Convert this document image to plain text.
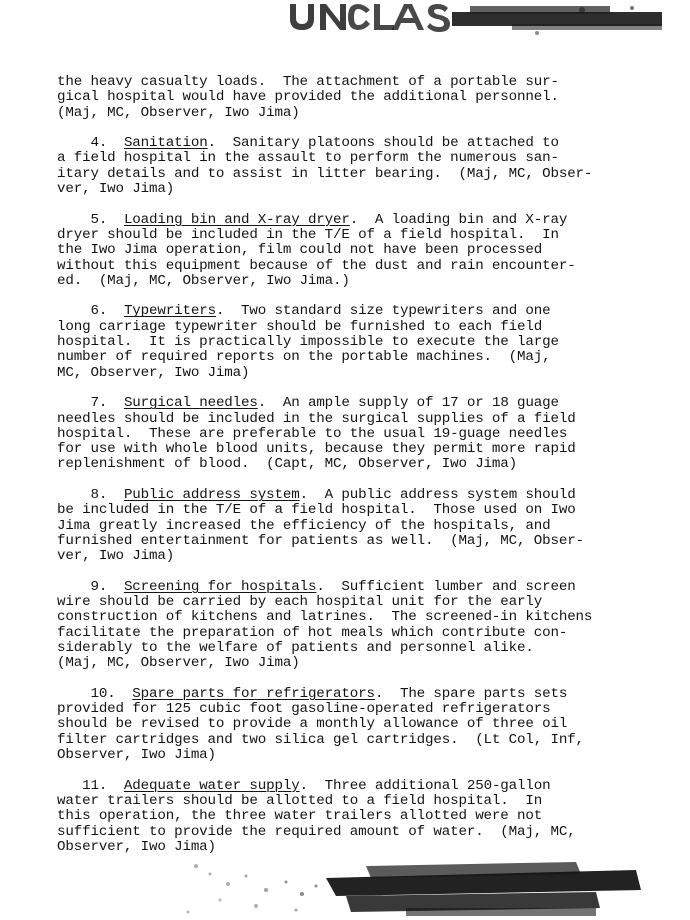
the heavy casualty loads.  The attachment of a portable sur-
gical hospital would have provided the additional personnel.
(Maj, MC, Observer, Iwo Jima)

4. Sanitation.  Sanitary platoons should be attached to
a field hospital in the assault to perform the numerous san-
itary details and to assist in litter bearing.  (Maj, MC, Obser-
ver, Iwo Jima)

5. Loading bin and X-ray dryer.  A loading bin and X-ray
dryer should be included in the T/E of a field hospital.  In
the Iwo Jima operation, film could not have been processed
without this equipment because of the dust and rain encounter-
ed.  (Maj, MC, Observer, Iwo Jima.)

6. Typewriters.  Two standard size typewriters and one
long carriage typewriter should be furnished to each field
hospital.  It is practically impossible to execute the large
number of required reports on the portable machines.  (Maj,
MC, Observer, Iwo Jima)

7. Surgical needles.  An ample supply of 17 or 18 guage
needles should be included in the surgical supplies of a field
hospital.  These are preferable to the usual 19-guage needles
for use with whole blood units, because they permit more rapid
replenishment of blood.  (Capt, MC, Observer, Iwo Jima)

8. Public address system.  A public address system should
be included in the T/E of a field hospital.  Those used on Iwo
Jima greatly increased the efficiency of the hospitals, and
furnished entertainment for patients as well.  (Maj, MC, Obser-
ver, Iwo Jima)

9. Screening for hospitals.  Sufficient lumber and screen
wire should be carried by each hospital unit for the early
construction of kitchens and latrines.  The screened-in kitchens
facilitate the preparation of hot meals which contribute con-
siderably to the welfare of patients and personnel alike.
(Maj, MC, Observer, Iwo Jima)

10. Spare parts for refrigerators.  The spare parts sets
provided for 125 cubic foot gasoline-operated refrigerators
should be revised to provide a monthly allowance of three oil
filter cartridges and two silica gel cartridges.  (Lt Col, Inf,
Observer, Iwo Jima)

11. Adequate water supply.  Three additional 250-gallon
water trailers should be allotted to a field hospital.  In
this operation, the three water trailers allotted were not
sufficient to provide the required amount of water.  (Maj, MC,
Observer, Iwo Jima)
